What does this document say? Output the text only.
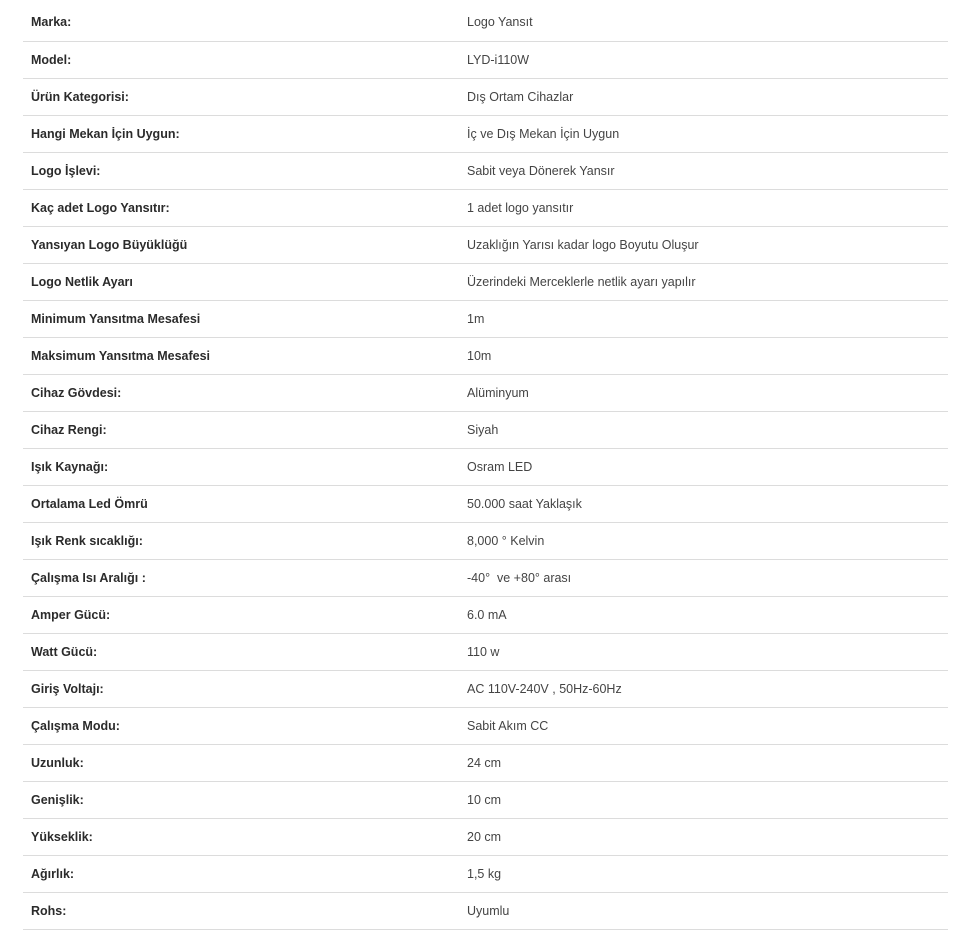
Marka:	Logo Yansıt
Model:	LYD-i110W
Ürün Kategorisi:	Dış Ortam Cihazlar
Hangi Mekan İçin Uygun:	İç ve Dış Mekan İçin Uygun
Logo İşlevi:	Sabit veya Dönerek Yansır
Kaç adet Logo Yansıtır:	1 adet logo yansıtır
Yansıyan Logo Büyüklüğü	Uzaklığın Yarısı kadar logo Boyutu Oluşur
Logo Netlik Ayarı	Üzerindeki Merceklerle netlik ayarı yapılır
Minimum Yansıtma Mesafesi	1m
Maksimum Yansıtma Mesafesi	10m
Cihaz Gövdesi:	Alüminyum
Cihaz Rengi:	Siyah
Işık Kaynağı:	Osram LED
Ortalama Led Ömrü	50.000 saat Yaklaşık
Işık Renk sıcaklığı:	8,000 ° Kelvin
Çalışma Isı Aralığı :	-40°  ve +80° arası
Amper Gücü:	6.0 mA
Watt Gücü:	110 w
Giriş Voltajı:	AC 110V-240V , 50Hz-60Hz
Çalışma Modu:	Sabit Akım CC
Uzunluk:	24 cm
Genişlik:	10 cm
Yükseklik:	20 cm
Ağırlık:	1,5 kg
Rohs:	Uyumlu
